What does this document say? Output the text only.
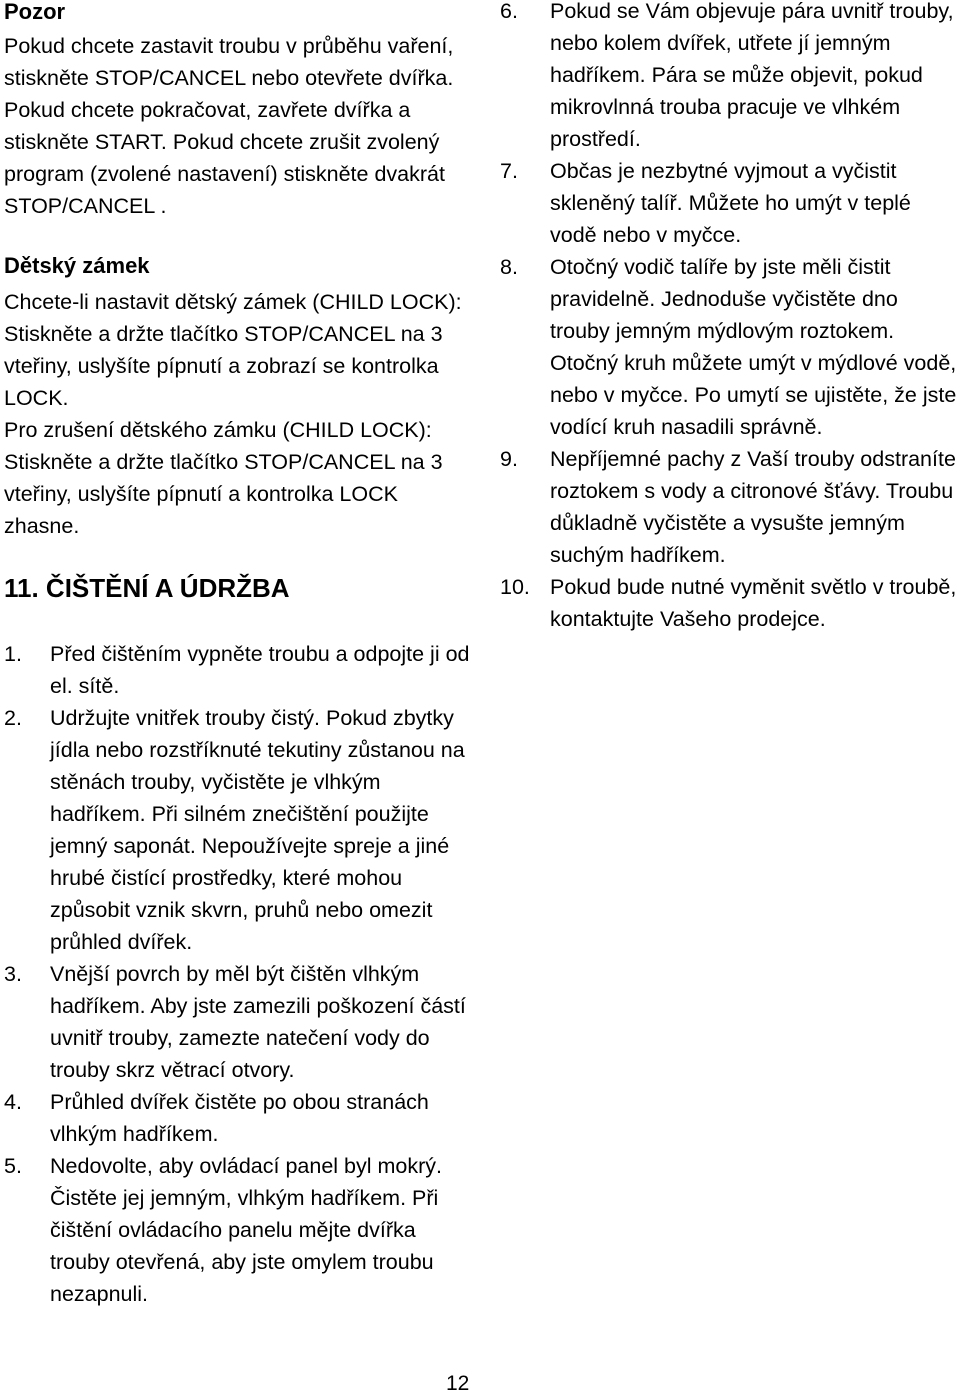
Pozor

Pokud chcete zastavit troubu v průběhu vaření, stiskněte STOP/CANCEL nebo otevřete dvířka. Pokud chcete pokračovat, zavřete dvířka a stiskněte START. Pokud chcete zrušit zvolený program (zvolené nastavení) stiskněte dvakrát STOP/CANCEL .

Dětský zámek

Chcete-li nastavit dětský zámek (CHILD LOCK): Stiskněte a držte tlačítko STOP/CANCEL na 3 vteřiny, uslyšíte pípnutí a zobrazí se kontrolka LOCK.

Pro zrušení dětského zámku (CHILD LOCK): Stiskněte a držte tlačítko STOP/CANCEL na 3 vteřiny, uslyšíte pípnutí a kontrolka LOCK zhasne.

11. ČIŠTĚNÍ A ÚDRŽBA

1. Před čištěním vypněte troubu a odpojte ji od el. sítě.
2. Udržujte vnitřek trouby čistý. Pokud zbytky jídla nebo rozstříknuté tekutiny zůstanou na stěnách trouby, vyčistěte je vlhkým hadříkem. Při silném znečištění použijte jemný saponát. Nepoužívejte spreje a jiné hrubé čistící prostředky, které mohou způsobit vznik skvrn, pruhů nebo omezit průhled dvířek.
3. Vnější povrch by měl být čištěn vlhkým hadříkem. Aby jste zamezili poškození částí uvnitř trouby, zamezte natečení vody do trouby skrz větrací otvory.
4. Průhled dvířek čistěte po obou stranách vlhkým hadříkem.
5. Nedovolte, aby ovládací panel byl mokrý. Čistěte jej jemným, vlhkým hadříkem. Při čištění ovládacího panelu mějte dvířka trouby otevřená, aby jste omylem troubu nezapnuli.
6. Pokud se Vám objevuje pára uvnitř trouby, nebo kolem dvířek, utřete jí jemným hadříkem. Pára se může objevit, pokud mikrovlnná trouba pracuje ve vlhkém prostředí.
7. Občas je nezbytné vyjmout a vyčistit skleněný talíř. Můžete ho umýt v teplé vodě nebo v myčce.
8. Otočný vodič talíře by jste měli čistit pravidelně. Jednoduše vyčistěte dno trouby jemným mýdlovým roztokem. Otočný kruh můžete umýt v mýdlové vodě, nebo v myčce. Po umytí se ujistěte, že jste vodící kruh nasadili správně.
9. Nepříjemné pachy z Vaší trouby odstraníte roztokem s vody a citronové šťávy. Troubu důkladně vyčistěte a vysušte jemným suchým hadříkem.
10. Pokud bude nutné vyměnit světlo v troubě, kontaktujte Vašeho prodejce.
12
